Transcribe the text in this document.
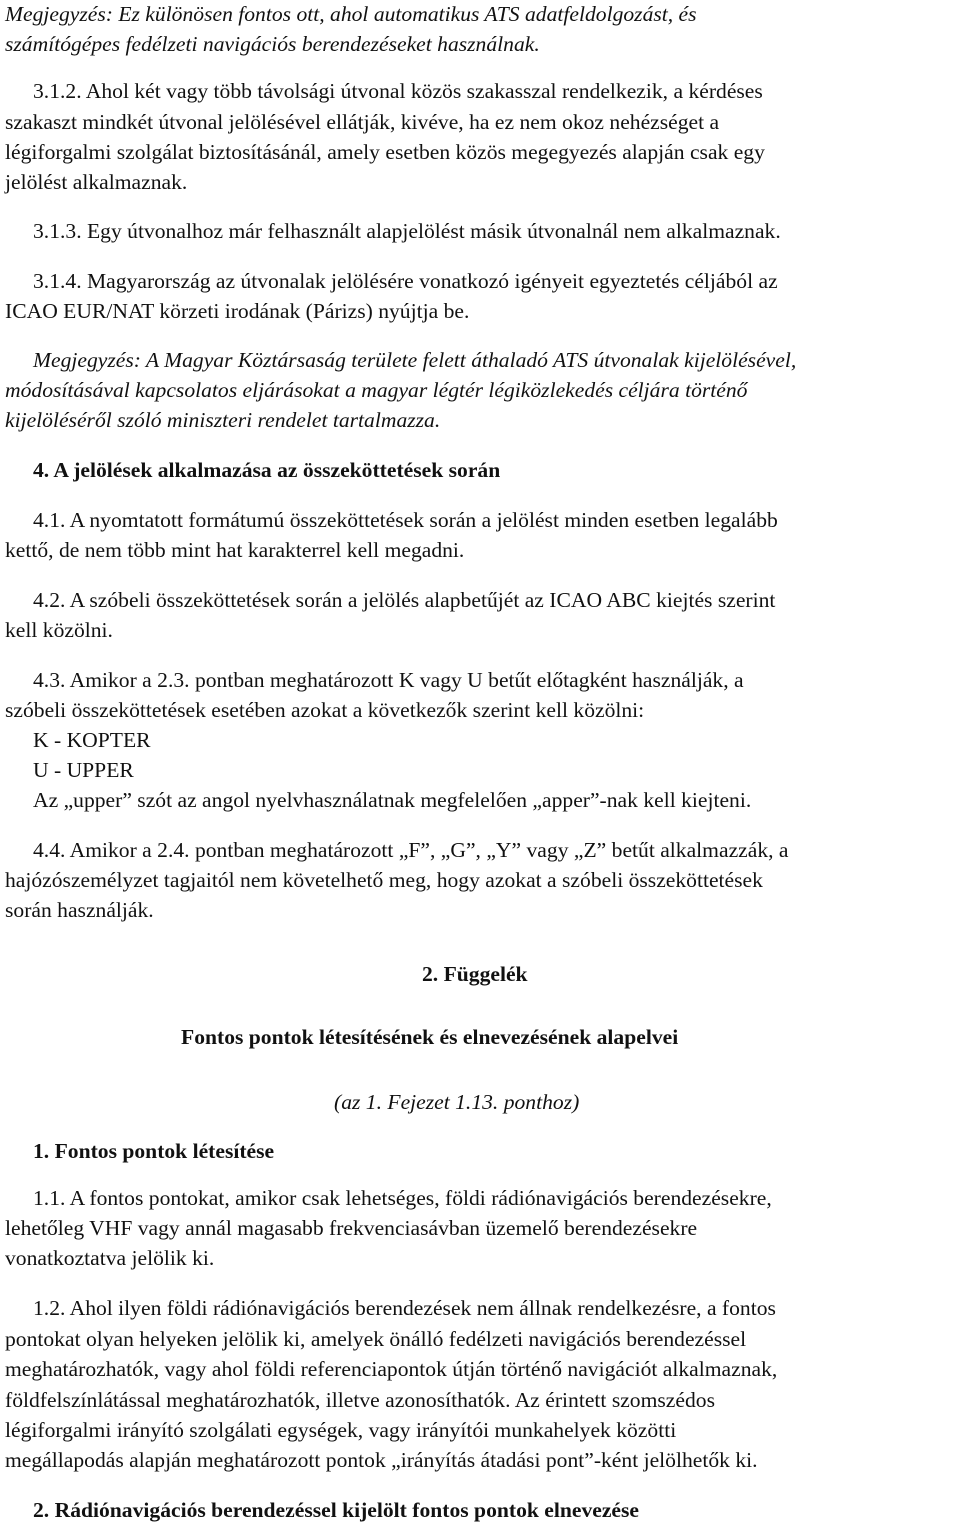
Megjegyzés: Ez különösen fontos ott, ahol automatikus ATS adatfeldolgozást, és
számítógépes fedélzeti navigációs berendezéseket használnak.
3.1.2. Ahol két vagy több távolsági útvonal közös szakasszal rendelkezik, a kérdéses
szakaszt mindkét útvonal jelölésével ellátják, kivéve, ha ez nem okoz nehézséget a
légiforgalmi szolgálat biztosításánál, amely esetben közös megegyezés alapján csak egy
jelölést alkalmaznak.
3.1.3. Egy útvonalhoz már felhasznált alapjelölést másik útvonalnál nem alkalmaznak.
3.1.4. Magyarország az útvonalak jelölésére vonatkozó igényeit egyeztetés céljából az
ICAO EUR/NAT körzeti irodának (Párizs) nyújtja be.
Megjegyzés: A Magyar Köztársaság területe felett áthaladó ATS útvonalak kijelölésével,
módosításával kapcsolatos eljárásokat a magyar légtér légiközlekedés céljára történő
kijelöléséről szóló miniszteri rendelet tartalmazza.
4. A jelölések alkalmazása az összeköttetések során
4.1. A nyomtatott formátumú összeköttetések során a jelölést minden esetben legalább
kettő, de nem több mint hat karakterrel kell megadni.
4.2. A szóbeli összeköttetések során a jelölés alapbetűjét az ICAO ABC kiejtés szerint
kell közölni.
4.3. Amikor a 2.3. pontban meghatározott K vagy U betűt előtagként használják, a
szóbeli összeköttetések esetében azokat a következők szerint kell közölni:
K - KOPTER
U - UPPER
Az „upper” szót az angol nyelvhasználatnak megfelelően „apper”-nak kell kiejteni.
4.4. Amikor a 2.4. pontban meghatározott „F”, „G”, „Y” vagy „Z” betűt alkalmazzák, a
hajózószemélyzet tagjaitól nem követelhető meg, hogy azokat a szóbeli összeköttetések
során használják.
2. Függelék
Fontos pontok létesítésének és elnevezésének alapelvei
(az 1. Fejezet 1.13. ponthoz)
1. Fontos pontok létesítése
1.1. A fontos pontokat, amikor csak lehetséges, földi rádiónavigációs berendezésekre,
lehetőleg VHF vagy annál magasabb frekvenciasávban üzemelő berendezésekre
vonatkoztatva jelölik ki.
1.2. Ahol ilyen földi rádiónavigációs berendezések nem állnak rendelkezésre, a fontos
pontokat olyan helyeken jelölik ki, amelyek önálló fedélzeti navigációs berendezéssel
meghatározhatók, vagy ahol földi referenciapontok útján történő navigációt alkalmaznak,
földfelszínlátással meghatározhatók, illetve azonosíthatók. Az érintett szomszédos
légiforgalmi irányító szolgálati egységek, vagy irányítói munkahelyek közötti
megállapodás alapján meghatározott pontok „irányítás átadási pont”-ként jelölhetők ki.
2. Rádiónavigációs berendezéssel kijelölt fontos pontok elnevezése
